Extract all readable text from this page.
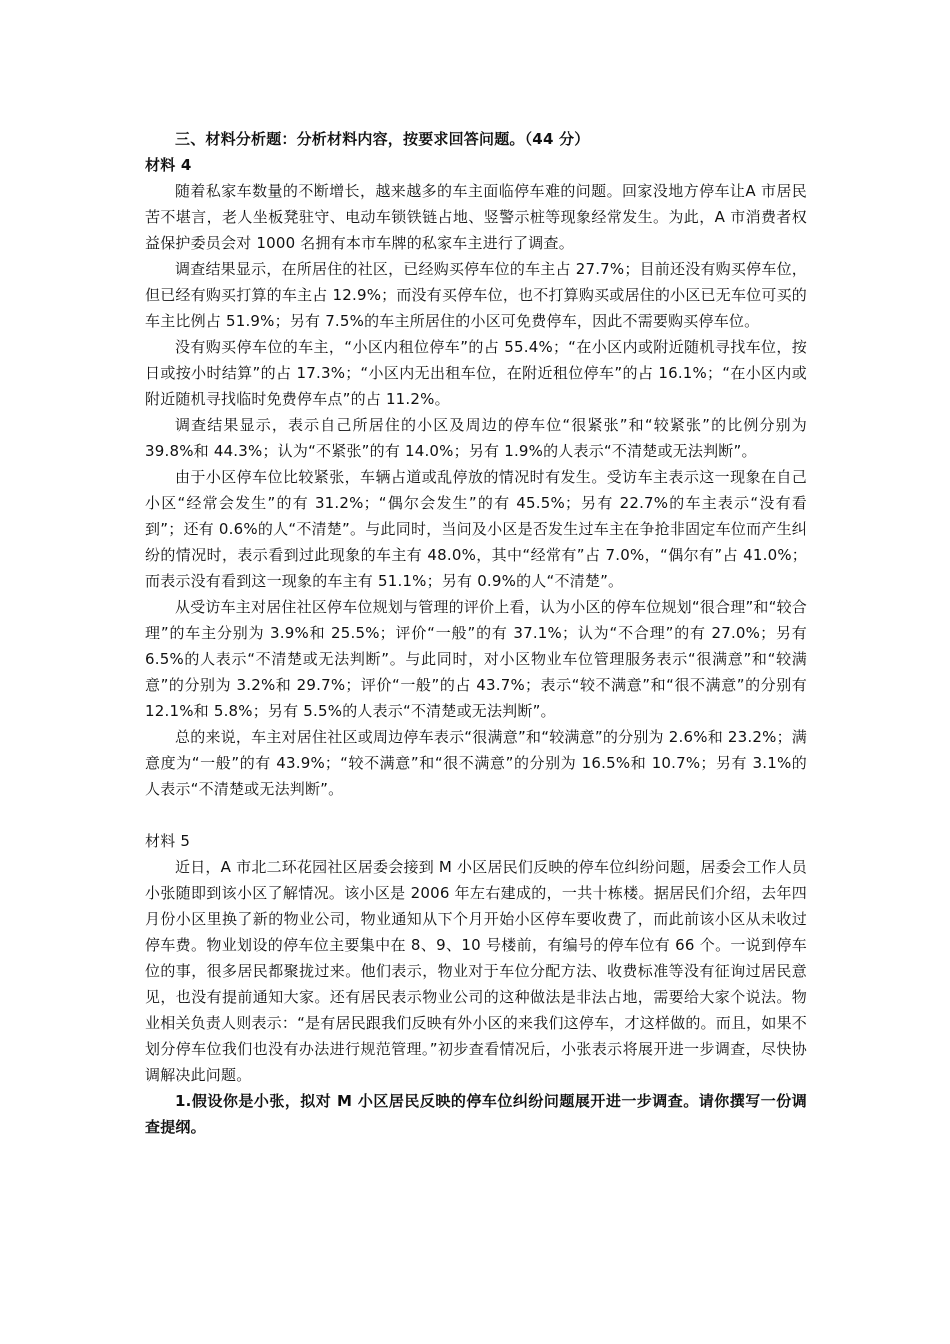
三、材料分析题：分析材料内容，按要求回答问题。（44 分）

材料 4

随着私家车数量的不断增长，越来越多的车主面临停车难的问题。回家没地方停车让A 市居民苦不堪言，老人坐板凳驻守、电动车锁铁链占地、竖警示桩等现象经常发生。为此，A 市消费者权益保护委员会对 1000 名拥有本市车牌的私家车主进行了调查。

调查结果显示，在所居住的社区，已经购买停车位的车主占 27.7%；目前还没有购买停车位，但已经有购买打算的车主占 12.9%；而没有买停车位，也不打算购买或居住的小区已无车位可买的车主比例占 51.9%；另有 7.5%的车主所居住的小区可免费停车，因此不需要购买停车位。

没有购买停车位的车主，“小区内租位停车”的占 55.4%；“在小区内或附近随机寻找车位，按日或按小时结算”的占 17.3%；“小区内无出租车位，在附近租位停车”的占 16.1%；“在小区内或附近随机寻找临时免费停车点”的占 11.2%。

调查结果显示，表示自己所居住的小区及周边的停车位“很紧张”和“较紧张”的比例分别为 39.8%和 44.3%；认为“不紧张”的有 14.0%；另有 1.9%的人表示“不清楚或无法判断”。

由于小区停车位比较紧张，车辆占道或乱停放的情况时有发生。受访车主表示这一现象在自己小区“经常会发生”的有 31.2%；“偶尔会发生”的有 45.5%；另有 22.7%的车主表示“没有看到”；还有 0.6%的人“不清楚”。与此同时，当问及小区是否发生过车主在争抢非固定车位而产生纠纷的情况时，表示看到过此现象的车主有 48.0%，其中“经常有”占 7.0%，“偶尔有”占 41.0%；而表示没有看到这一现象的车主有 51.1%；另有 0.9%的人“不清楚”。

从受访车主对居住社区停车位规划与管理的评价上看，认为小区的停车位规划“很合理”和“较合理”的车主分别为 3.9%和 25.5%；评价“一般”的有 37.1%；认为“不合理”的有 27.0%；另有 6.5%的人表示“不清楚或无法判断”。与此同时，对小区物业车位管理服务表示“很满意”和“较满意”的分别为 3.2%和 29.7%；评价“一般”的占 43.7%；表示“较不满意”和“很不满意”的分别有 12.1%和 5.8%；另有 5.5%的人表示“不清楚或无法判断”。

总的来说，车主对居住社区或周边停车表示“很满意”和“较满意”的分别为 2.6%和 23.2%；满意度为“一般”的有 43.9%；“较不满意”和“很不满意”的分别为 16.5%和 10.7%；另有 3.1%的人表示“不清楚或无法判断”。

材料 5

近日，A 市北二环花园社区居委会接到 M 小区居民们反映的停车位纠纷问题，居委会工作人员小张随即到该小区了解情况。该小区是 2006 年左右建成的，一共十栋楼。据居民们介绍，去年四月份小区里换了新的物业公司，物业通知从下个月开始小区停车要收费了，而此前该小区从未收过停车费。物业划设的停车位主要集中在 8、9、10 号楼前，有编号的停车位有 66 个。一说到停车位的事，很多居民都聚拢过来。他们表示，物业对于车位分配方法、收费标准等没有征询过居民意见，也没有提前通知大家。还有居民表示物业公司的这种做法是非法占地，需要给大家个说法。物业相关负责人则表示：“是有居民跟我们反映有外小区的来我们这停车，才这样做的。而且，如果不划分停车位我们也没有办法进行规范管理。”初步查看情况后，小张表示将展开进一步调查，尽快协调解决此问题。

1.假设你是小张，拟对 M 小区居民反映的停车位纠纷问题展开进一步调查。请你撰写一份调查提纲。
